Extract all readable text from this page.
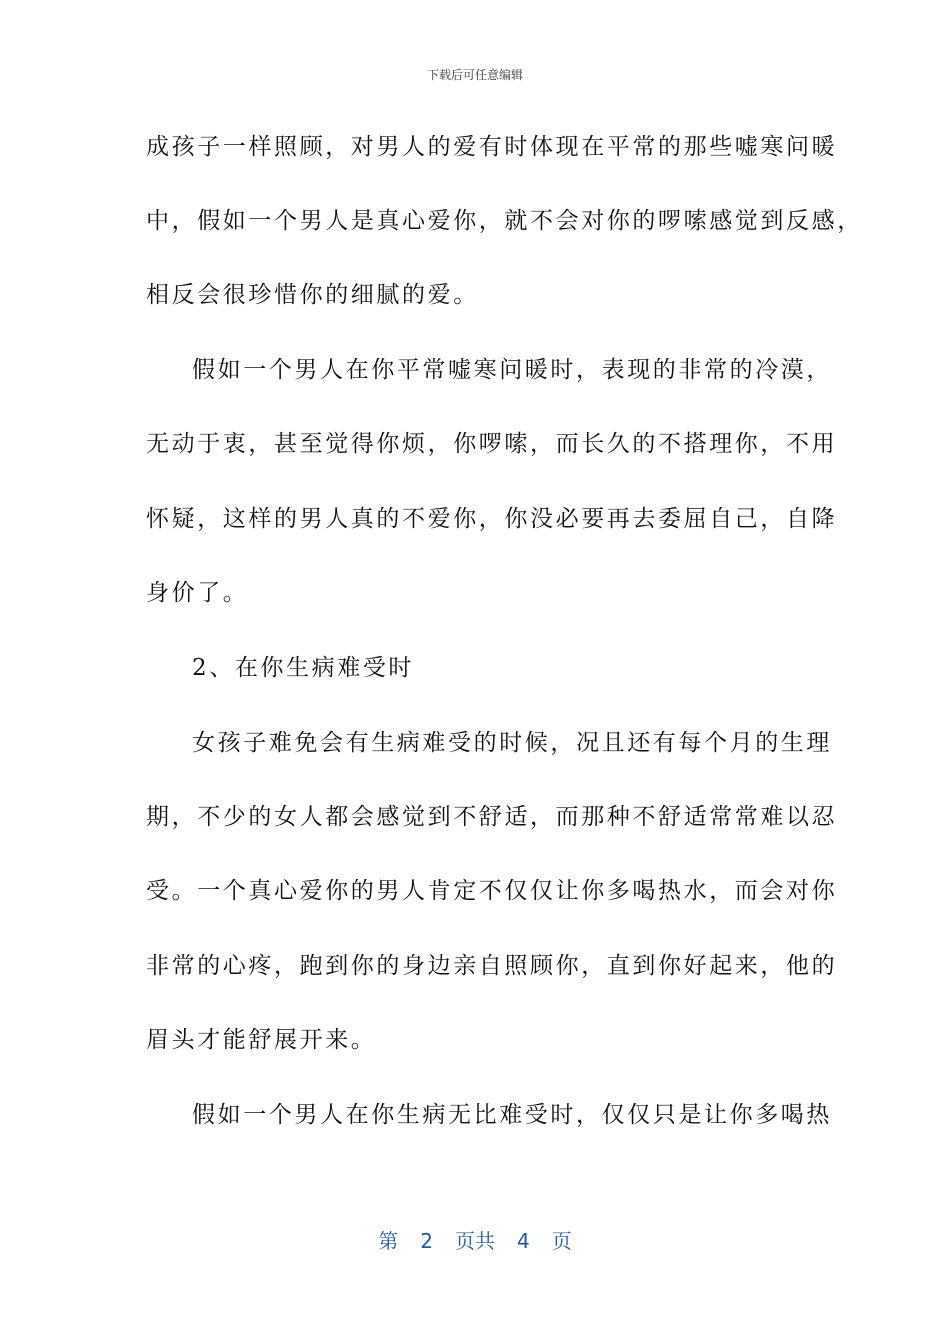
下载后可任意编辑
成孩子一样照顾，对男人的爱有时体现在平常的那些嘘寒问暖
中，假如一个男人是真心爱你，就不会对你的啰嗦感觉到反感，
相反会很珍惜你的细腻的爱。
假如一个男人在你平常嘘寒问暖时，表现的非常的冷漠，
无动于衷，甚至觉得你烦，你啰嗦，而长久的不搭理你，不用
怀疑，这样的男人真的不爱你，你没必要再去委屈自己，自降
身价了。
2、在你生病难受时
女孩子难免会有生病难受的时候，况且还有每个月的生理
期，不少的女人都会感觉到不舒适，而那种不舒适常常难以忍
受。一个真心爱你的男人肯定不仅仅让你多喝热水，而会对你
非常的心疼，跑到你的身边亲自照顾你，直到你好起来，他的
眉头才能舒展开来。
假如一个男人在你生病无比难受时，仅仅只是让你多喝热
第 2 页共 4 页
